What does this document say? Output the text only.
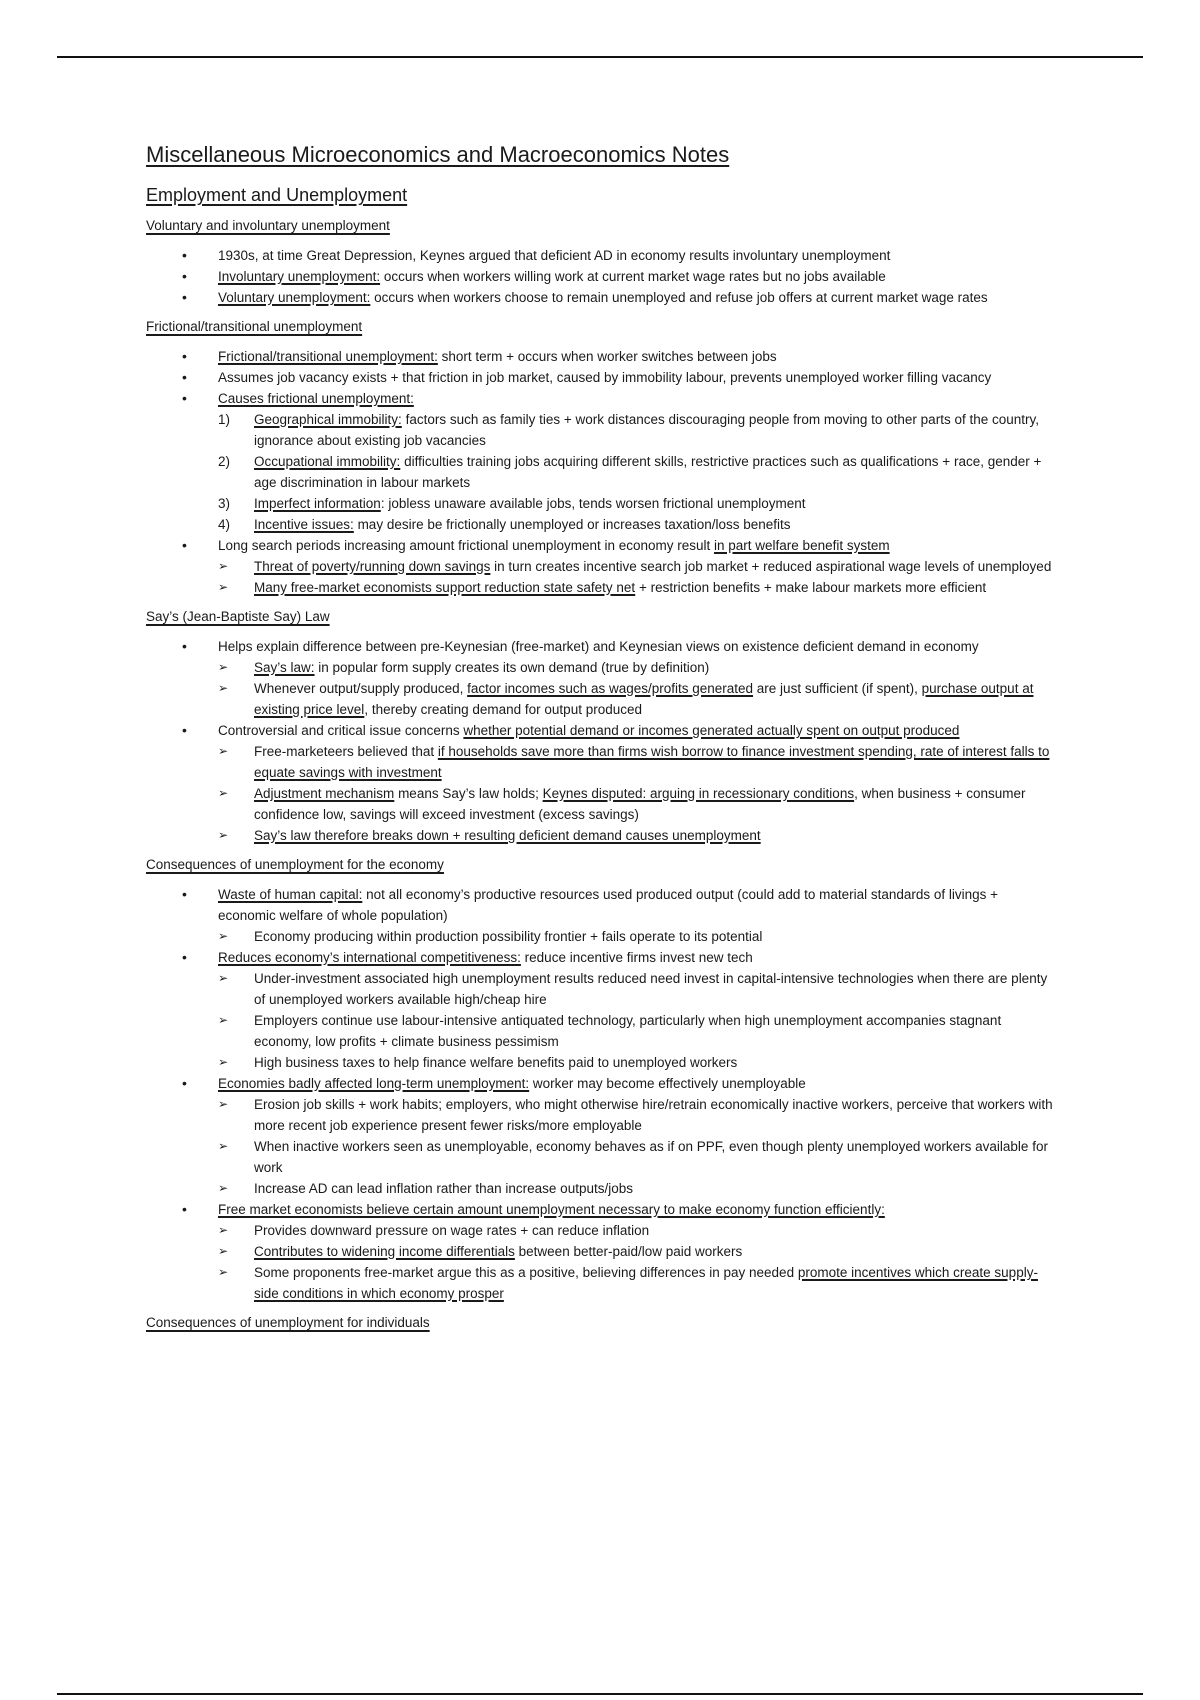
Miscellaneous Microeconomics and Macroeconomics Notes
Employment and Unemployment
Voluntary and involuntary unemployment
• 1930s, at time Great Depression, Keynes argued that deficient AD in economy results involuntary unemployment
• Involuntary unemployment: occurs when workers willing work at current market wage rates but no jobs available
• Voluntary unemployment: occurs when workers choose to remain unemployed and refuse job offers at current market wage rates
Frictional/transitional unemployment
• Frictional/transitional unemployment: short term + occurs when worker switches between jobs
• Assumes job vacancy exists + that friction in job market, caused by immobility labour, prevents unemployed worker filling vacancy
• Causes frictional unemployment:
1) Geographical immobility: factors such as family ties + work distances discouraging people from moving to other parts of the country, ignorance about existing job vacancies
2) Occupational immobility: difficulties training jobs acquiring different skills, restrictive practices such as qualifications + race, gender + age discrimination in labour markets
3) Imperfect information: jobless unaware available jobs, tends worsen frictional unemployment
4) Incentive issues: may desire be frictionally unemployed or increases taxation/loss benefits
• Long search periods increasing amount frictional unemployment in economy result in part welfare benefit system
➢ Threat of poverty/running down savings in turn creates incentive search job market + reduced aspirational wage levels of unemployed
➢ Many free-market economists support reduction state safety net + restriction benefits + make labour markets more efficient
Say’s (Jean-Baptiste Say) Law
• Helps explain difference between pre-Keynesian (free-market) and Keynesian views on existence deficient demand in economy
➢ Say’s law: in popular form supply creates its own demand (true by definition)
➢ Whenever output/supply produced, factor incomes such as wages/profits generated are just sufficient (if spent), purchase output at existing price level, thereby creating demand for output produced
• Controversial and critical issue concerns whether potential demand or incomes generated actually spent on output produced
➢ Free-marketeers believed that if households save more than firms wish borrow to finance investment spending, rate of interest falls to equate savings with investment
➢ Adjustment mechanism means Say’s law holds; Keynes disputed: arguing in recessionary conditions, when business + consumer confidence low, savings will exceed investment (excess savings)
➢ Say’s law therefore breaks down + resulting deficient demand causes unemployment
Consequences of unemployment for the economy
• Waste of human capital: not all economy’s productive resources used produced output (could add to material standards of livings + economic welfare of whole population)
➢ Economy producing within production possibility frontier + fails operate to its potential
• Reduces economy’s international competitiveness: reduce incentive firms invest new tech
➢ Under-investment associated high unemployment results reduced need invest in capital-intensive technologies when there are plenty of unemployed workers available high/cheap hire
➢ Employers continue use labour-intensive antiquated technology, particularly when high unemployment accompanies stagnant economy, low profits + climate business pessimism
➢ High business taxes to help finance welfare benefits paid to unemployed workers
• Economies badly affected long-term unemployment: worker may become effectively unemployable
➢ Erosion job skills + work habits; employers, who might otherwise hire/retrain economically inactive workers, perceive that workers with more recent job experience present fewer risks/more employable
➢ When inactive workers seen as unemployable, economy behaves as if on PPF, even though plenty unemployed workers available for work
➢ Increase AD can lead inflation rather than increase outputs/jobs
• Free market economists believe certain amount unemployment necessary to make economy function efficiently:
➢ Provides downward pressure on wage rates + can reduce inflation
➢ Contributes to widening income differentials between better-paid/low paid workers
➢ Some proponents free-market argue this as a positive, believing differences in pay needed promote incentives which create supply-side conditions in which economy prosper
Consequences of unemployment for individuals
